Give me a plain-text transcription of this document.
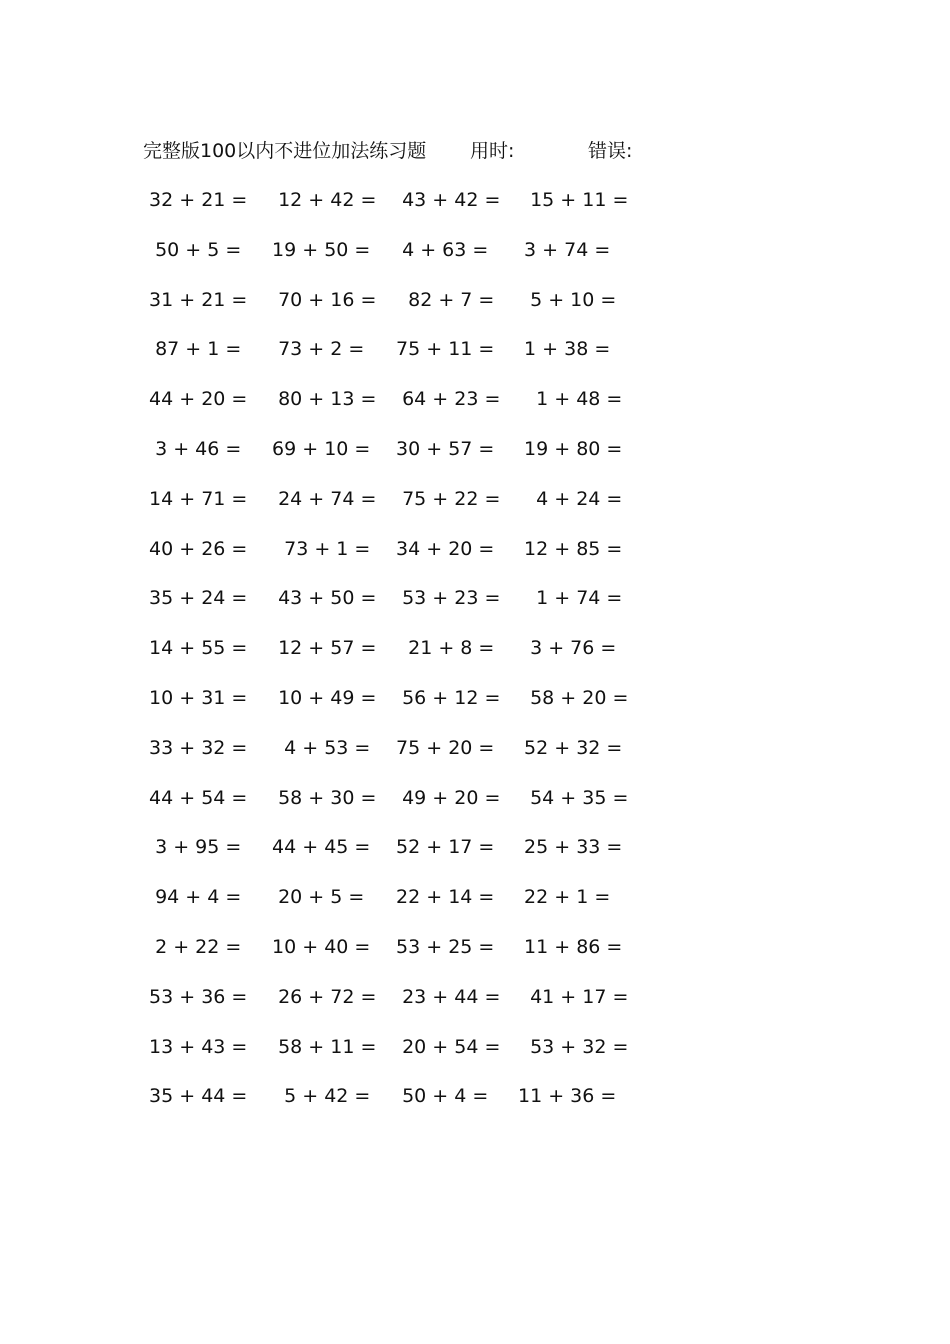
完整版100以内不进位加法练习题 用时:	错误:
32 + 21 = 12 + 42 = 43 + 42 = 15 + 11 =
50 + 5 = 19 + 50 = 4 + 63 = 3 + 74 =
31 + 21 = 70 + 16 = 82 + 7 = 5 + 10 =
87 + 1 = 73 + 2 = 75 + 11 = 1 + 38 =
44 + 20 = 80 + 13 = 64 + 23 = 1 + 48 =
3 + 46 = 69 + 10 = 30 + 57 = 19 + 80 =
14 + 71 = 24 + 74 = 75 + 22 = 4 + 24 =
40 + 26 = 73 + 1 = 34 + 20 = 12 + 85 =
35 + 24 = 43 + 50 = 53 + 23 = 1 + 74 =
14 + 55 = 12 + 57 = 21 + 8 = 3 + 76 =
10 + 31 = 10 + 49 = 56 + 12 = 58 + 20 =
33 + 32 = 4 + 53 = 75 + 20 = 52 + 32 =
44 + 54 = 58 + 30 = 49 + 20 = 54 + 35 =
3 + 95 = 44 + 45 = 52 + 17 = 25 + 33 =
94 + 4 = 20 + 5 = 22 + 14 = 22 + 1 =
2 + 22 = 10 + 40 = 53 + 25 = 11 + 86 =
53 + 36 = 26 + 72 = 23 + 44 = 41 + 17 =
13 + 43 = 58 + 11 = 20 + 54 = 53 + 32 =
35 + 44 = 5 + 42 = 50 + 4 = 11 + 36 =
